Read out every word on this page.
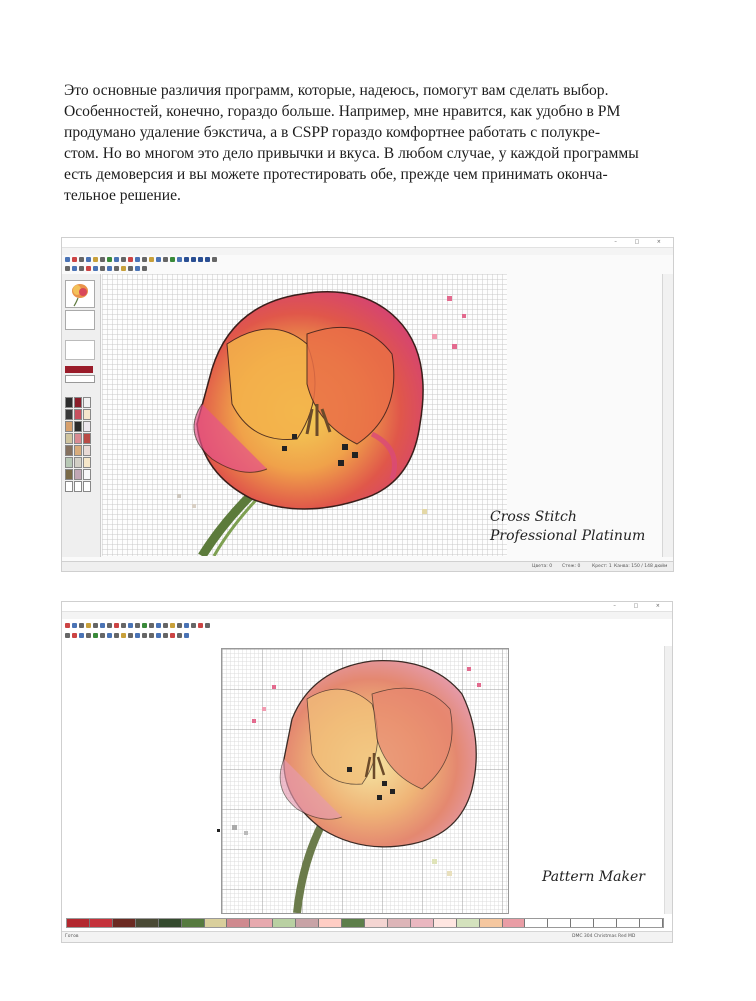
Это основные различия программ, которые, надеюсь, помогут вам сделать выбор.
Особенностей, конечно, гораздо больше. Например, мне нравится, как удобно в PM
продумано удаление бэкстича, а в CSPP гораздо комфортнее работать с полукре-
стом. Но во многом это дело привычки и вкуса. В любом случае, у каждой программы
есть демоверсия и вы можете протестировать обе, прежде чем принимать оконча-
тельное решение.
– □ ×
Цвета: 0 Стеж: 0	Крест: 1 Канва: 150 / 148 дюйм
Cross Stitch
Professional Platinum
– □ ×
Готов	DMC 304 Christmas Red MD
Pattern Maker
